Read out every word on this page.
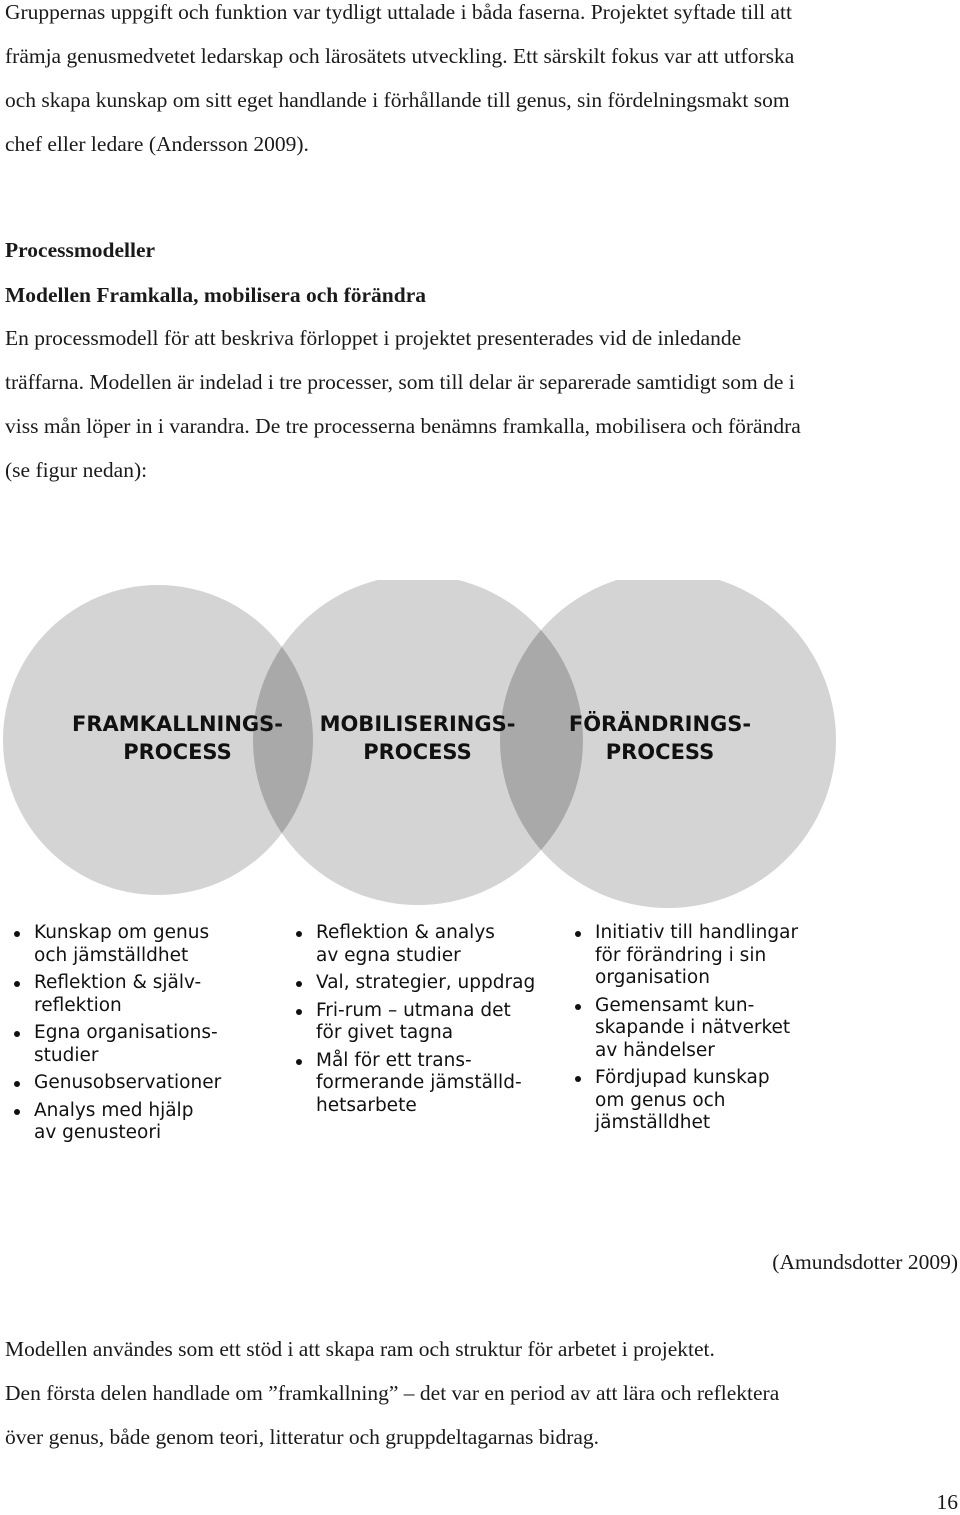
Gruppernas uppgift och funktion var tydligt uttalade i båda faserna. Projektet syftade till att
främja genusmedvetet ledarskap och lärosätets utveckling. Ett särskilt fokus var att utforska
och skapa kunskap om sitt eget handlande i förhållande till genus, sin fördelningsmakt som
chef eller ledare (Andersson 2009).

Processmodeller
Modellen Framkalla, mobilisera och förändra

En processmodell för att beskriva förloppet i projektet presenterades vid de inledande
träffarna. Modellen är indelad i tre processer, som till delar är separerade samtidigt som de i
viss mån löper in i varandra. De tre processerna benämns framkalla, mobilisera och förändra
(se figur nedan):

FRAMKALLNINGS-
PROCESS
MOBILISERINGS-
PROCESS
FÖRÄNDRINGS-
PROCESS
Kunskap om genus
och jämställdhet
Reflektion & själv-
reflektion
Egna organisations-
studier
Genusobservationer
Analys med hjälp
av genusteori
Reflektion & analys
av egna studier
Val, strategier, uppdrag
Fri-rum – utmana det
för givet tagna
Mål för ett trans-
formerande jämställd-
hetsarbete
Initiativ till handlingar
för förändring i sin
organisation
Gemensamt kun-
skapande i nätverket
av händelser
Fördjupad kunskap
om genus och
jämställdhet
(Amundsdotter 2009)

Modellen användes som ett stöd i att skapa ram och struktur för arbetet i projektet.
Den första delen handlade om ”framkallning” – det var en period av att lära och reflektera
över genus, både genom teori, litteratur och gruppdeltagarnas bidrag.

16
